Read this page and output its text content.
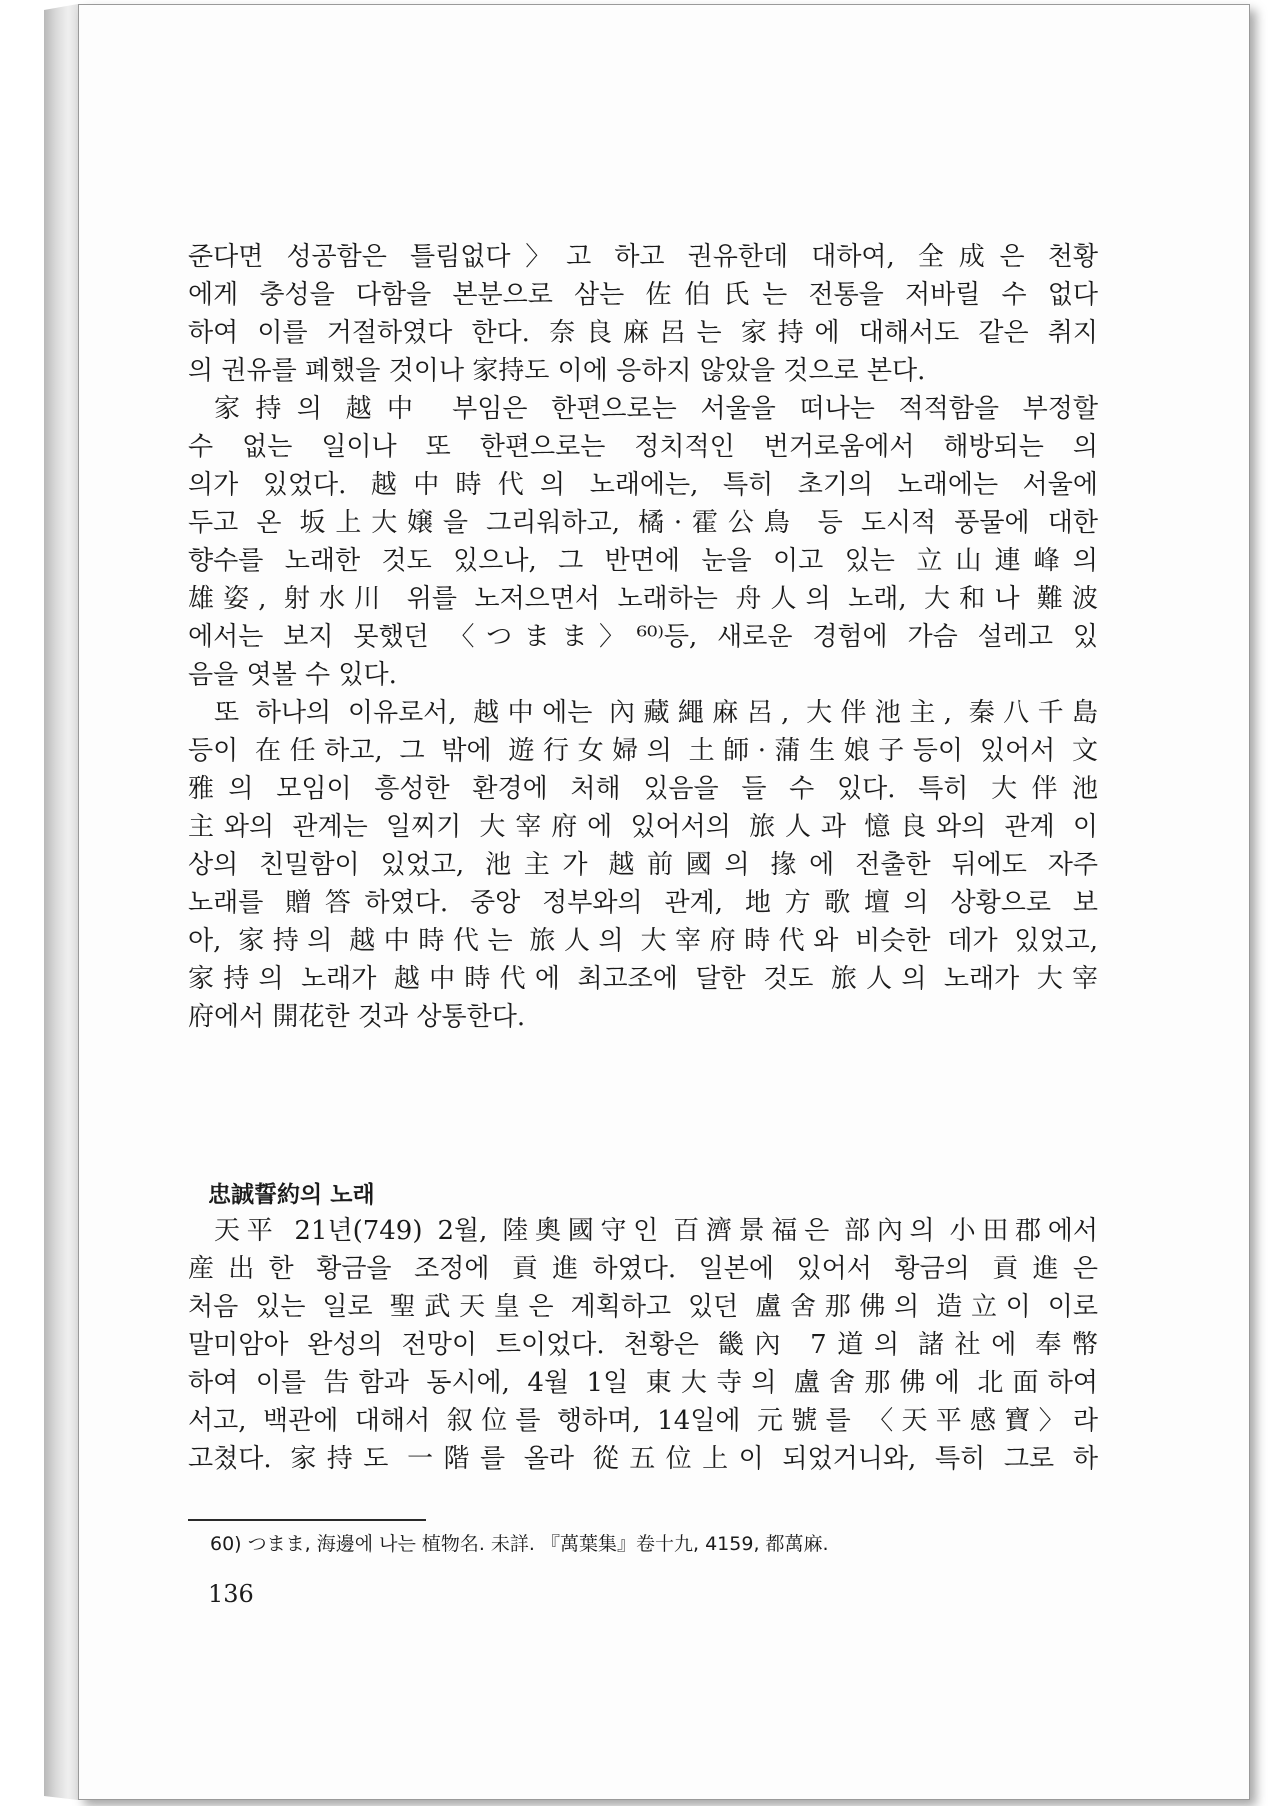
준다면 성공함은 틀림없다〉고 하고 권유한데 대하여, 全成은 천황
에게 충성을 다함을 본분으로 삼는 佐伯氏는 전통을 저바릴 수 없다
하여 이를 거절하였다 한다. 奈良麻呂는 家持에 대해서도 같은 취지
의 권유를 폐했을 것이나 家持도 이에 응하지 않았을 것으로 본다.
家持의 越中 부임은 한편으로는 서울을 떠나는 적적함을 부정할
수 없는 일이나 또 한편으로는 정치적인 번거로움에서 해방되는 의
의가 있었다. 越中時代의 노래에는, 특히 초기의 노래에는 서울에
두고 온 坂上大嬢을 그리워하고, 橘·霍公鳥 등 도시적 풍물에 대한
향수를 노래한 것도 있으나, 그 반면에 눈을 이고 있는 立山連峰의
雄姿, 射水川 위를 노저으면서 노래하는 舟人의 노래, 大和나 難波
에서는 보지 못했던 〈つまま〉⁶⁰⁾등, 새로운 경험에 가슴 설레고 있
음을 엿볼 수 있다.
또 하나의 이유로서, 越中에는 內藏繩麻呂, 大伴池主, 秦八千島
등이 在任하고, 그 밖에 遊行女婦의 土師·蒲生娘子등이 있어서 文
雅의 모임이 흥성한 환경에 처해 있음을 들 수 있다. 특히 大伴池
主와의 관계는 일찌기 大宰府에 있어서의 旅人과 憶良와의 관계 이
상의 친밀함이 있었고, 池主가 越前國의 掾에 전출한 뒤에도 자주
노래를 贈答하였다. 중앙 정부와의 관계, 地方歌壇의 상황으로 보
아, 家持의 越中時代는 旅人의 大宰府時代와 비슷한 데가 있었고,
家持의 노래가 越中時代에 최고조에 달한 것도 旅人의 노래가 大宰
府에서 開花한 것과 상통한다.
忠誠誓約의 노래
天平 21년(749) 2월, 陸奧國守인 百濟景福은 部內의 小田郡에서
産出한 황금을 조정에 貢進하였다. 일본에 있어서 황금의 貢進은
처음 있는 일로 聖武天皇은 계획하고 있던 盧舍那佛의 造立이 이로
말미암아 완성의 전망이 트이었다. 천황은 畿內 7道의 諸社에 奉幣
하여 이를 告함과 동시에, 4월 1일 東大寺의 盧舍那佛에 北面하여
서고, 백관에 대해서 叙位를 행하며, 14일에 元號를 〈天平感寶〉라
고쳤다. 家持도 一階를 올라 從五位上이 되었거니와, 특히 그로 하
60) つまま, 海邊에 나는 植物名. 未詳. 『萬葉集』卷十九, 4159, 都萬麻.
136
